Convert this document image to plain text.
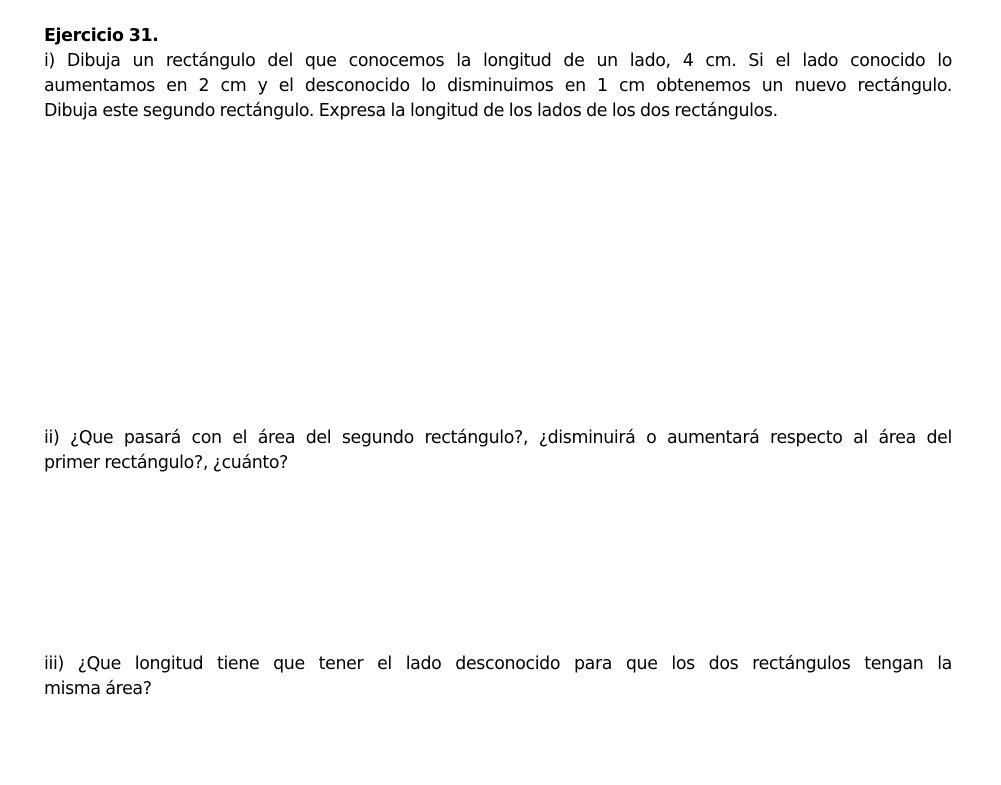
Ejercicio 31.
i) Dibuja un rectángulo del que conocemos la longitud de un lado, 4 cm. Si el lado conocido lo
aumentamos en 2 cm y el desconocido lo disminuimos en 1 cm obtenemos un nuevo rectángulo.
Dibuja este segundo rectángulo. Expresa la longitud de los lados de los dos rectángulos.
ii) ¿Que pasará con el área del segundo rectángulo?, ¿disminuirá o aumentará respecto al área del
primer rectángulo?, ¿cuánto?
iii) ¿Que longitud tiene que tener el lado desconocido para que los dos rectángulos tengan la
misma área?
